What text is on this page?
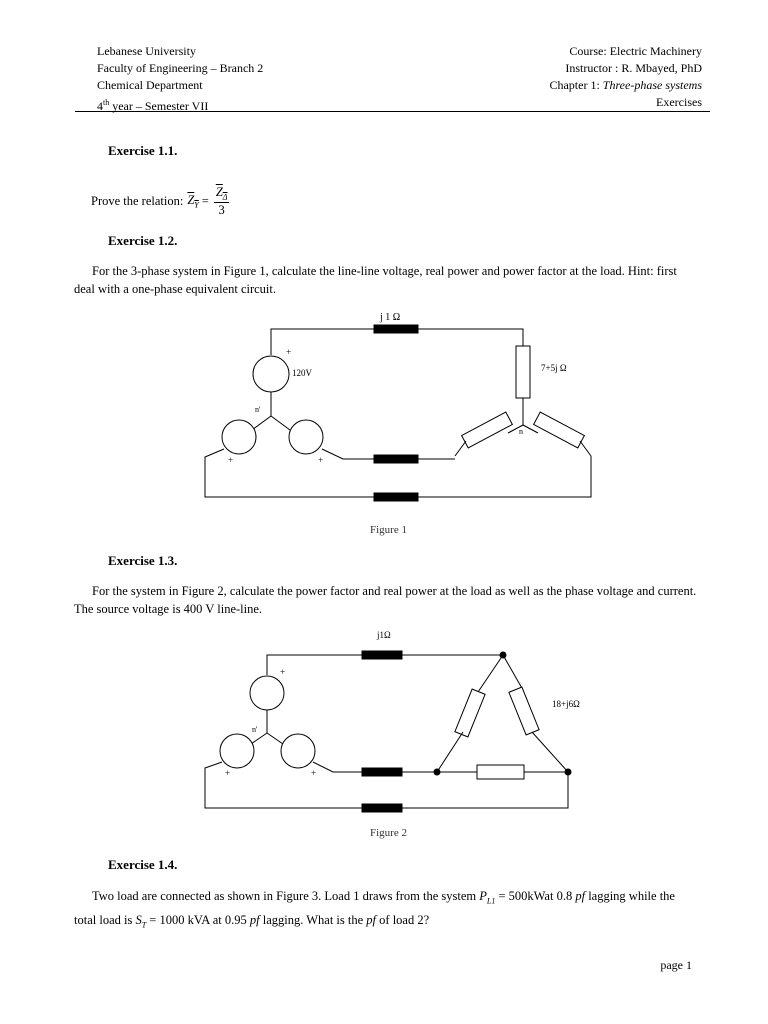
Lebanese University
Faculty of Engineering – Branch 2
Chemical Department
4th year – Semester VII
Course: Electric Machinery
Instructor : R. Mbayed, PhD
Chapter 1: Three-phase systems
Exercises
Exercise 1.1.
Prove the relation: $Z_Y = \frac{Z_\Delta}{3}$
Exercise 1.2.
For the 3-phase system in Figure 1, calculate the line-line voltage, real power and power factor at the load. Hint: first deal with a one-phase equivalent circuit.
j 1 Ω
7+5j Ω
n
+
120V
n'
+	+
Figure 1
Exercise 1.3.
For the system in Figure 2, calculate the power factor and real power at the load as well as the phase voltage and current. The source voltage is 400 V line-line.
j1Ω
18+j6Ω
+
n'
+	+
Figure 2
Exercise 1.4.
Two load are connected as shown in Figure 3. Load 1 draws from the system $P_{L1}$ = 500kWat 0.8 pf lagging while the total load is $S_T = 1000$ kVA at 0.95 pf lagging. What is the pf of load 2?
page 1
